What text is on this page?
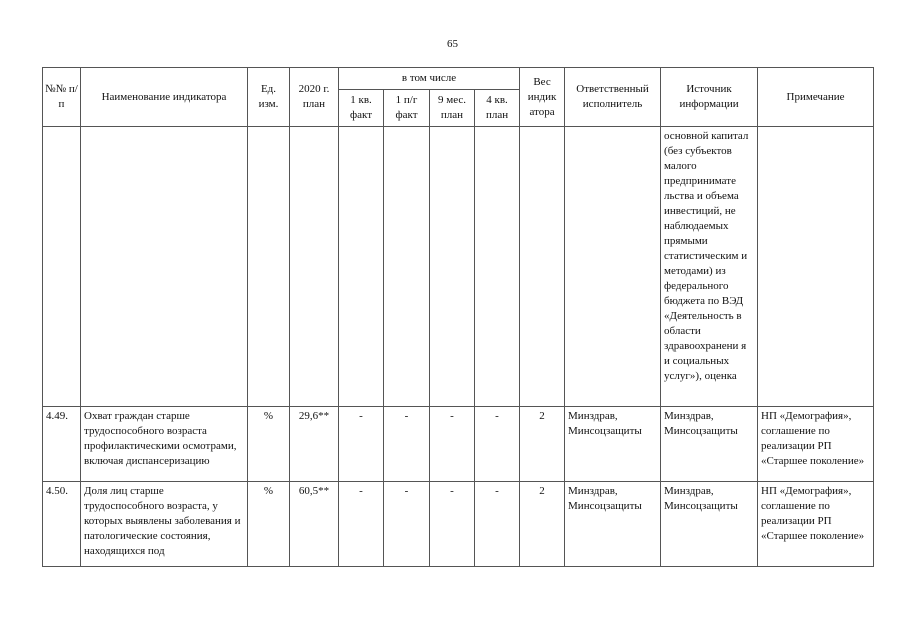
65
№№ п/п	Наименование индикатора	Ед. изм.	2020 г. план	в том числе				Вес индик атора	Ответственный исполнитель	Источник информации	Примечание
				1 кв. факт	1 п/г факт	9 мес. план	4 кв. план				
										основной капитал (без субъектов малого предпринимате льства и объема инвестиций, не наблюдаемых прямыми статистическим и методами) из федерального бюджета по ВЭД «Деятельность в области здравоохранени я и социальных услуг»), оценка	
4.49.	Охват граждан старше трудоспособного возраста профилактическими осмотрами, включая диспансеризацию	%	29,6**	-	-	-	-	2	Минздрав, Минсоцзащиты	Минздрав, Минсоцзащиты	НП «Демография», соглашение по реализации РП «Старшее поколение»
4.50.	Доля лиц старше трудоспособного возраста, у которых выявлены заболевания и патологические состояния, находящихся под	%	60,5**	-	-	-	-	2	Минздрав, Минсоцзащиты	Минздрав, Минсоцзащиты	НП «Демография», соглашение по реализации РП «Старшее поколение»
